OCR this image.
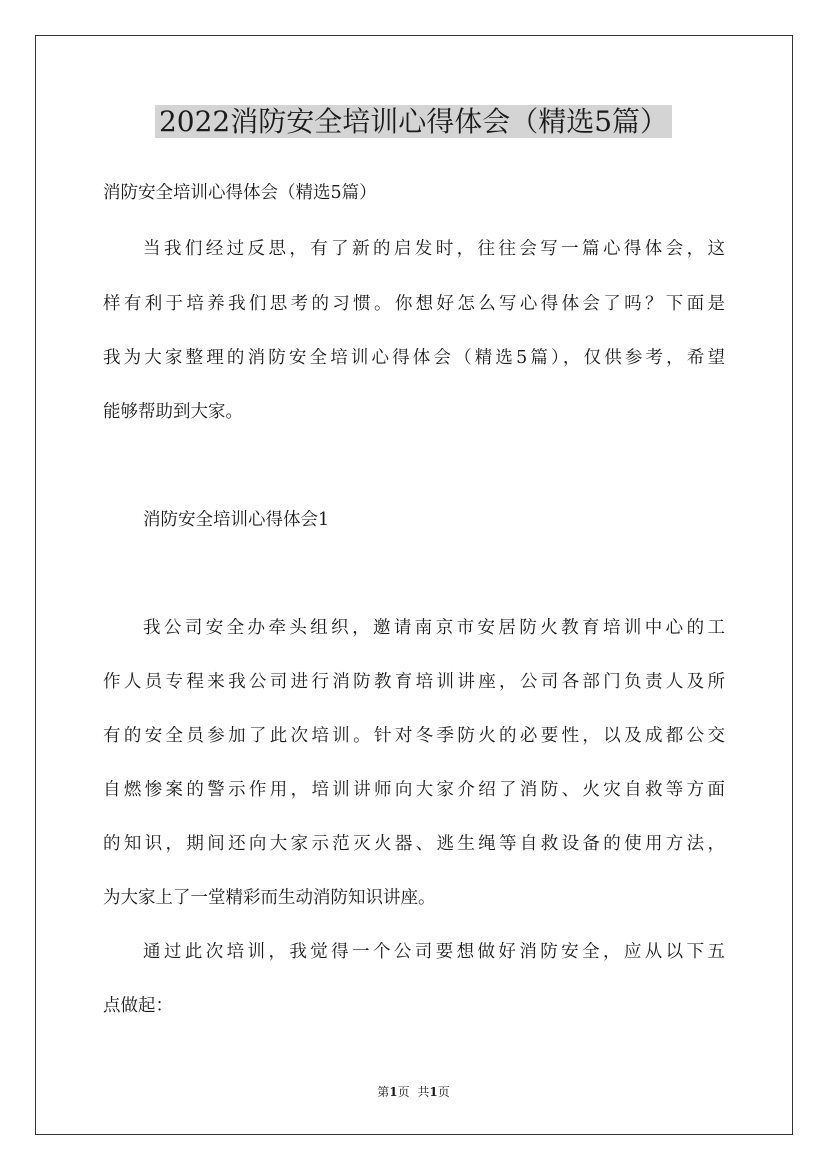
2022消防安全培训心得体会（精选5篇）

消防安全培训心得体会（精选5篇）

当我们经过反思，有了新的启发时，往往会写一篇心得体会，这

样有利于培养我们思考的习惯。你想好怎么写心得体会了吗？下面是

我为大家整理的消防安全培训心得体会（精选5篇），仅供参考，希望

能够帮助到大家。

消防安全培训心得体会1

我公司安全办牵头组织，邀请南京市安居防火教育培训中心的工

作人员专程来我公司进行消防教育培训讲座，公司各部门负责人及所

有的安全员参加了此次培训。针对冬季防火的必要性，以及成都公交

自燃惨案的警示作用，培训讲师向大家介绍了消防、火灾自救等方面

的知识，期间还向大家示范灭火器、逃生绳等自救设备的使用方法，

为大家上了一堂精彩而生动消防知识讲座。

通过此次培训，我觉得一个公司要想做好消防安全，应从以下五

点做起：

第1页 共1页
